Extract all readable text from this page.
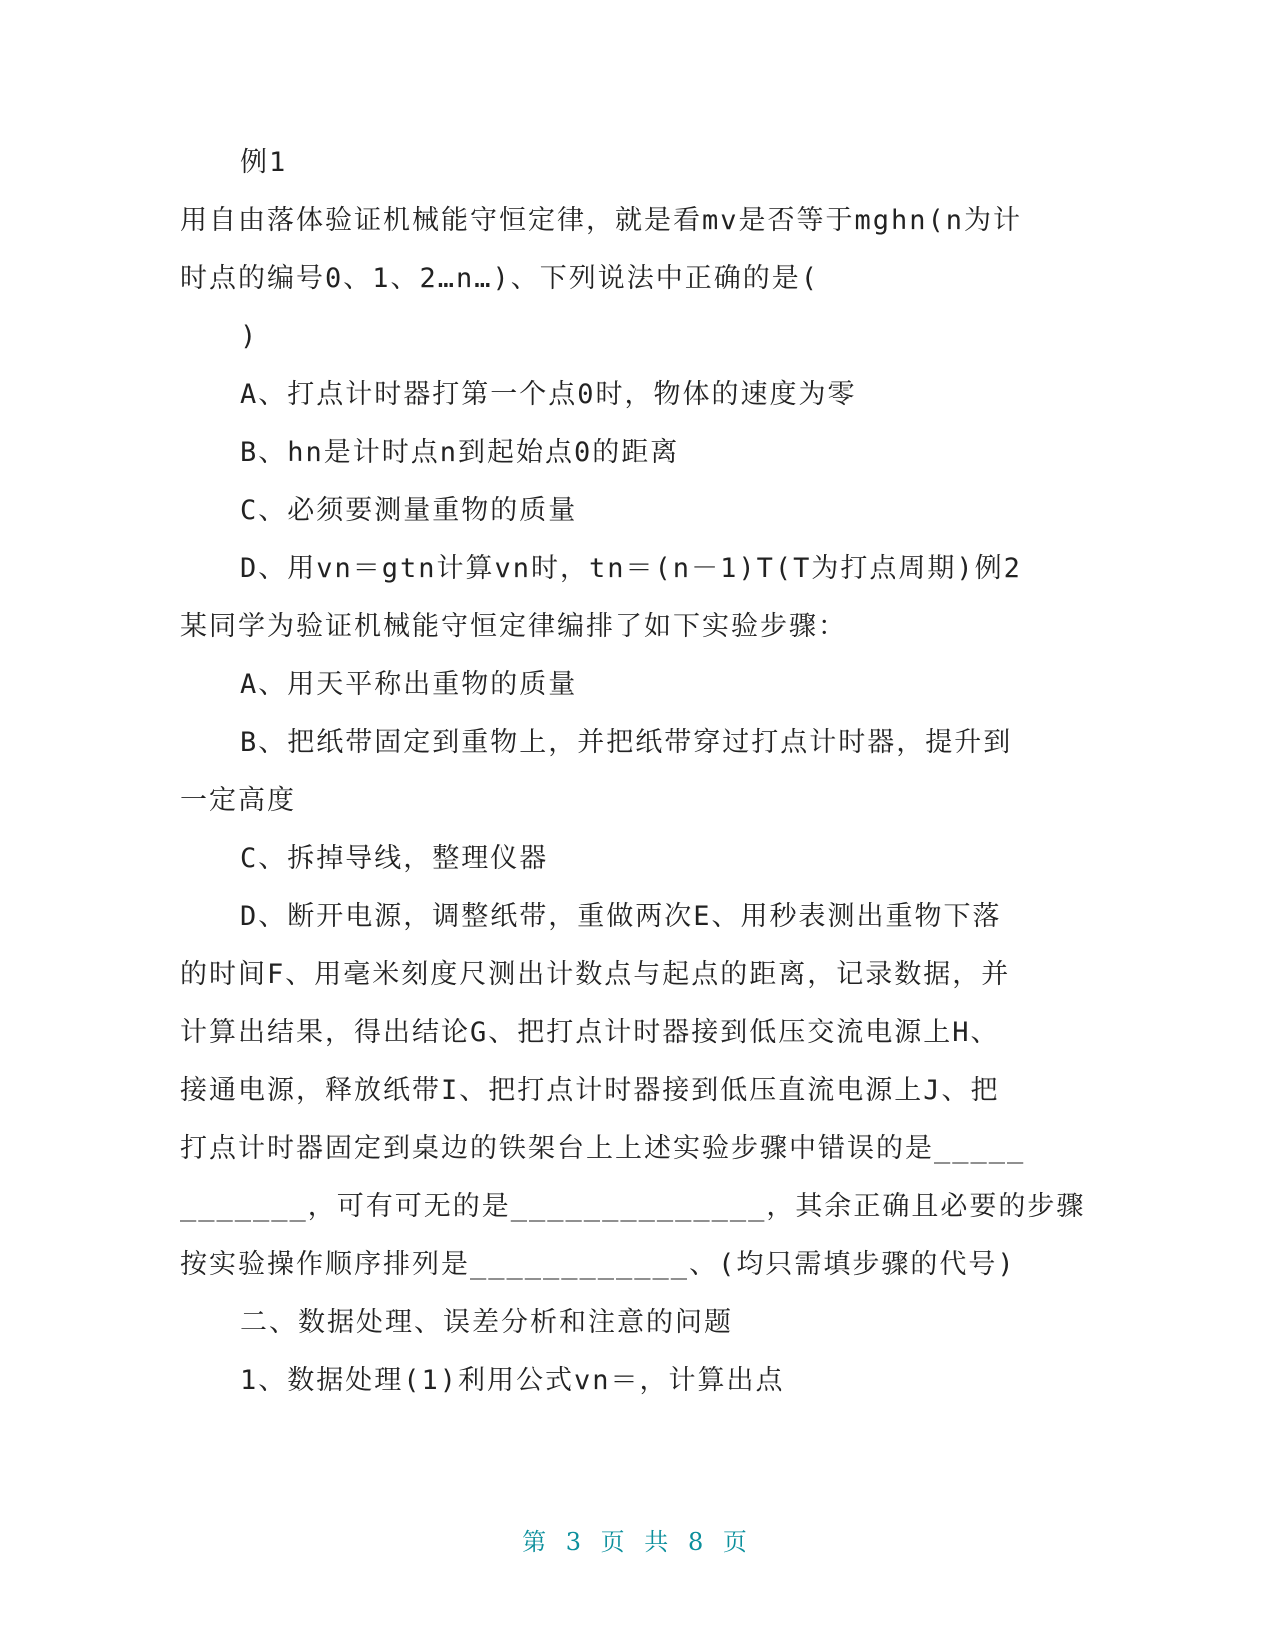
例1
用自由落体验证机械能守恒定律，就是看mv是否等于mghn(n为计
时点的编号0、1、2…n…)、下列说法中正确的是(
)
A、打点计时器打第一个点0时，物体的速度为零
B、hn是计时点n到起始点0的距离
C、必须要测量重物的质量
D、用vn＝gtn计算vn时，tn＝(n－1)T(T为打点周期)例2
某同学为验证机械能守恒定律编排了如下实验步骤：
A、用天平称出重物的质量
B、把纸带固定到重物上，并把纸带穿过打点计时器，提升到
一定高度
C、拆掉导线，整理仪器
D、断开电源，调整纸带，重做两次E、用秒表测出重物下落
的时间F、用毫米刻度尺测出计数点与起点的距离，记录数据，并
计算出结果，得出结论G、把打点计时器接到低压交流电源上H、
接通电源，释放纸带I、把打点计时器接到低压直流电源上J、把
打点计时器固定到桌边的铁架台上上述实验步骤中错误的是_____
_______，可有可无的是______________，其余正确且必要的步骤
按实验操作顺序排列是____________、(均只需填步骤的代号)
二、数据处理、误差分析和注意的问题
1、数据处理(1)利用公式vn＝，计算出点
第 3 页 共 8 页
